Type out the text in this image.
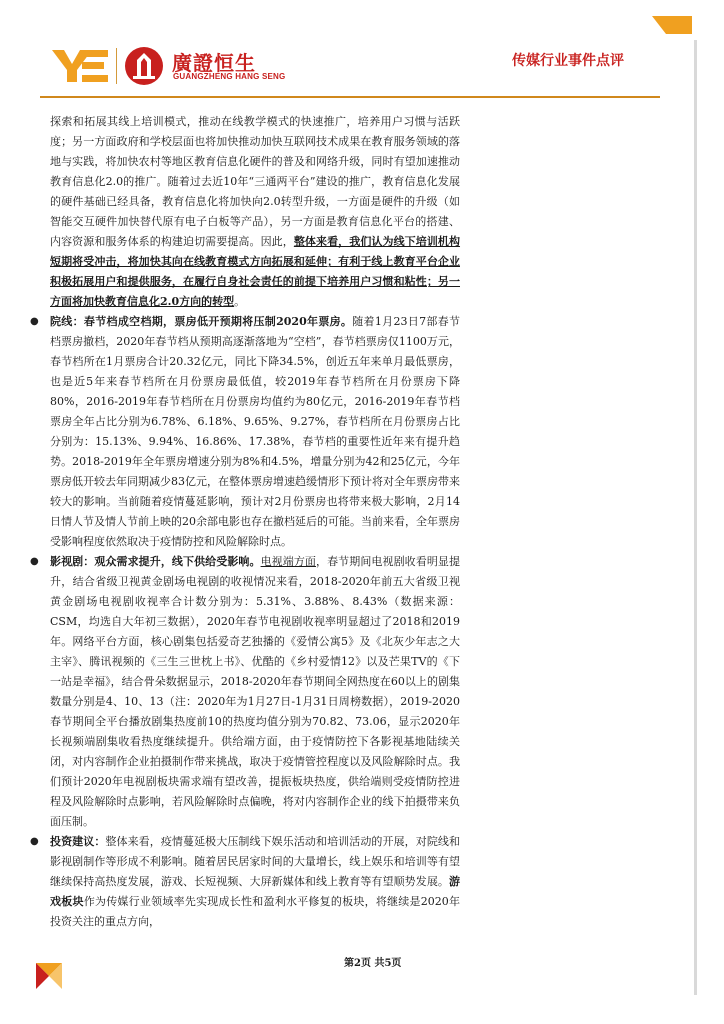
廣證恒生
GUANGZHENG HANG SENG
传媒行业事件点评

探索和拓展其线上培训模式，推动在线教学模式的快速推广，培养用户习惯与活跃度；另一方面政府和学校层面也将加快推动加快互联网技术成果在教育服务领域的落地与实践，将加快农村等地区教育信息化硬件的普及和网络升级，同时有望加速推动教育信息化2.0的推广。随着过去近10年“三通两平台”建设的推广，教育信息化发展的硬件基础已经具备，教育信息化将加快向2.0转型升级，一方面是硬件的升级（如智能交互硬件加快替代原有电子白板等产品），另一方面是教育信息化平台的搭建、内容资源和服务体系的构建迫切需要提高。因此，整体来看，我们认为线下培训机构短期将受冲击，将加快其向在线教育模式方向拓展和延伸；有利于线上教育平台企业积极拓展用户和提供服务，在履行自身社会责任的前提下培养用户习惯和粘性；另一方面将加快教育信息化2.0方向的转型。

● 院线：春节档成空档期，票房低开预期将压制2020年票房。随着1月23日7部春节档票房撤档，2020年春节档从预期高逐渐落地为“空档”，春节档票房仅1100万元，春节档所在1月票房合计20.32亿元，同比下降34.5%，创近五年来单月最低票房，也是近5年来春节档所在月份票房最低值，较2019年春节档所在月份票房下降80%，2016-2019年春节档所在月份票房均值约为80亿元，2016-2019年春节档票房全年占比分别为6.78%、6.18%、9.65%、9.27%，春节档所在月份票房占比分别为：15.13%、9.94%、16.86%、17.38%，春节档的重要性近年来有提升趋势。2018-2019年全年票房增速分别为8%和4.5%，增量分别为42和25亿元，今年票房低开较去年同期减少83亿元，在整体票房增速趋缓情形下预计将对全年票房带来较大的影响。当前随着疫情蔓延影响，预计对2月份票房也将带来极大影响，2月14日情人节及情人节前上映的20余部电影也存在撤档延后的可能。当前来看，全年票房受影响程度依然取决于疫情防控和风险解除时点。

● 影视剧：观众需求提升，线下供给受影响。电视端方面，春节期间电视剧收看明显提升，结合省级卫视黄金剧场电视剧的收视情况来看，2018-2020年前五大省级卫视黄金剧场电视剧收视率合计数分别为：5.31%、3.88%、8.43%（数据来源：CSM，均选自大年初三数据），2020年春节电视剧收视率明显超过了2018和2019年。网络平台方面，核心剧集包括爱奇艺独播的《爱情公寓5》及《北灰少年志之大主宰》、腾讯视频的《三生三世枕上书》、优酷的《乡村爱情12》以及芒果TV的《下一站是幸福》，结合骨朵数据显示，2018-2020年春节期间全网热度在60以上的剧集数量分别是4、10、13（注：2020年为1月27日-1月31日周榜数据），2019-2020春节期间全平台播放剧集热度前10的热度均值分别为70.82、73.06，显示2020年长视频端剧集收看热度继续提升。供给端方面，由于疫情防控下各影视基地陆续关闭，对内容制作企业拍摄制作带来挑战，取决于疫情管控程度以及风险解除时点。我们预计2020年电视剧板块需求端有望改善，提振板块热度，供给端则受疫情防控进程及风险解除时点影响，若风险解除时点偏晚，将对内容制作企业的线下拍摄带来负面压制。

● 投资建议：整体来看，疫情蔓延极大压制线下娱乐活动和培训活动的开展，对院线和影视剧制作等形成不利影响。随着居民居家时间的大量增长，线上娱乐和培训等有望继续保持高热度发展，游戏、长短视频、大屏新媒体和线上教育等有望顺势发展。游戏板块作为传媒行业领域率先实现成长性和盈利水平修复的板块，将继续是2020年投资关注的重点方向，

第2页 共5页
